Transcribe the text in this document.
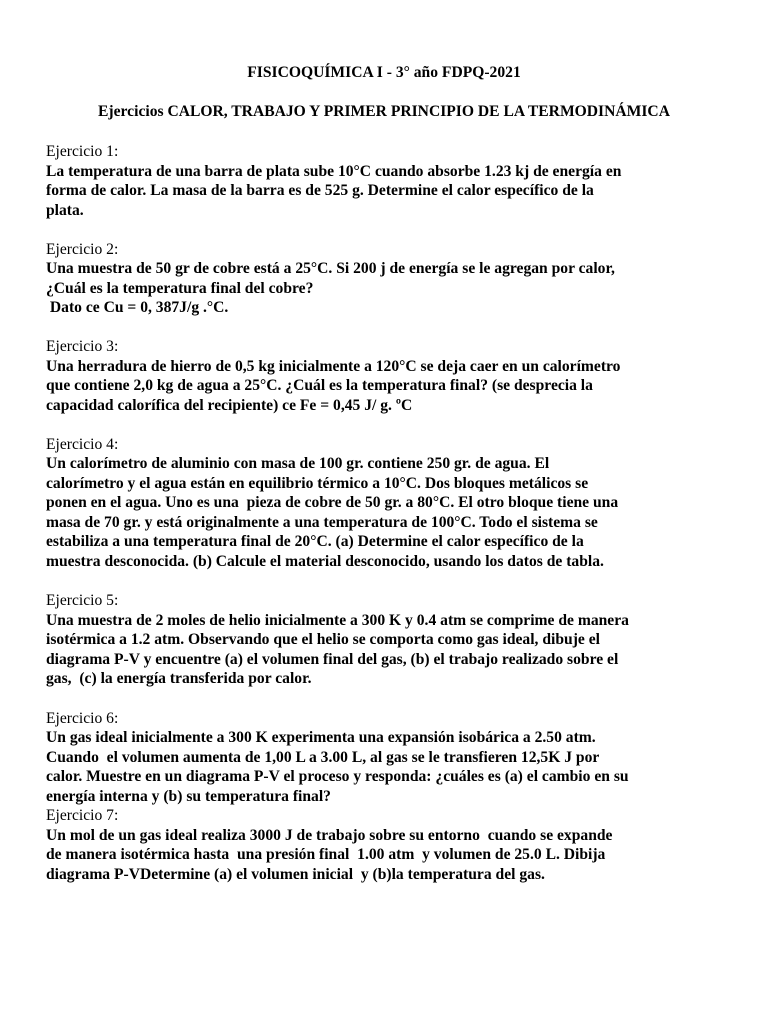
FISICOQUÍMICA I - 3° año FDPQ-2021

Ejercicios CALOR, TRABAJO Y PRIMER PRINCIPIO DE LA TERMODINÁMICA

Ejercicio 1:

La temperatura de una barra de plata sube 10°C cuando absorbe 1.23 kj de energía en

forma de calor. La masa de la barra es de 525 g. Determine el calor específico de la

plata.

Ejercicio 2:

Una muestra de 50 gr de cobre está a 25°C. Si 200 j de energía se le agregan por calor,

¿Cuál es la temperatura final del cobre?

Dato ce Cu = 0, 387J/g .°C.

Ejercicio 3:

Una herradura de hierro de 0,5 kg inicialmente a 120°C se deja caer en un calorímetro

que contiene 2,0 kg de agua a 25°C. ¿Cuál es la temperatura final? (se desprecia la

capacidad calorífica del recipiente) ce Fe = 0,45 J/ g. ºC

Ejercicio 4:

Un calorímetro de aluminio con masa de 100 gr. contiene 250 gr. de agua. El

calorímetro y el agua están en equilibrio térmico a 10°C. Dos bloques metálicos se

ponen en el agua. Uno es una  pieza de cobre de 50 gr. a 80°C. El otro bloque tiene una

masa de 70 gr. y está originalmente a una temperatura de 100°C. Todo el sistema se

estabiliza a una temperatura final de 20°C. (a) Determine el calor específico de la

muestra desconocida. (b) Calcule el material desconocido, usando los datos de tabla.

Ejercicio 5:

Una muestra de 2 moles de helio inicialmente a 300 K y 0.4 atm se comprime de manera

isotérmica a 1.2 atm. Observando que el helio se comporta como gas ideal, dibuje el

diagrama P-V y encuentre (a) el volumen final del gas, (b) el trabajo realizado sobre el

gas,  (c) la energía transferida por calor.

Ejercicio 6:

Un gas ideal inicialmente a 300 K experimenta una expansión isobárica a 2.50 atm.

Cuando  el volumen aumenta de 1,00 L a 3.00 L, al gas se le transfieren 12,5K J por

calor. Muestre en un diagrama P-V el proceso y responda: ¿cuáles es (a) el cambio en su

energía interna y (b) su temperatura final?

Ejercicio 7:

Un mol de un gas ideal realiza 3000 J de trabajo sobre su entorno  cuando se expande

de manera isotérmica hasta  una presión final  1.00 atm  y volumen de 25.0 L. Dibija

diagrama P-VDetermine (a) el volumen inicial  y (b)la temperatura del gas.
